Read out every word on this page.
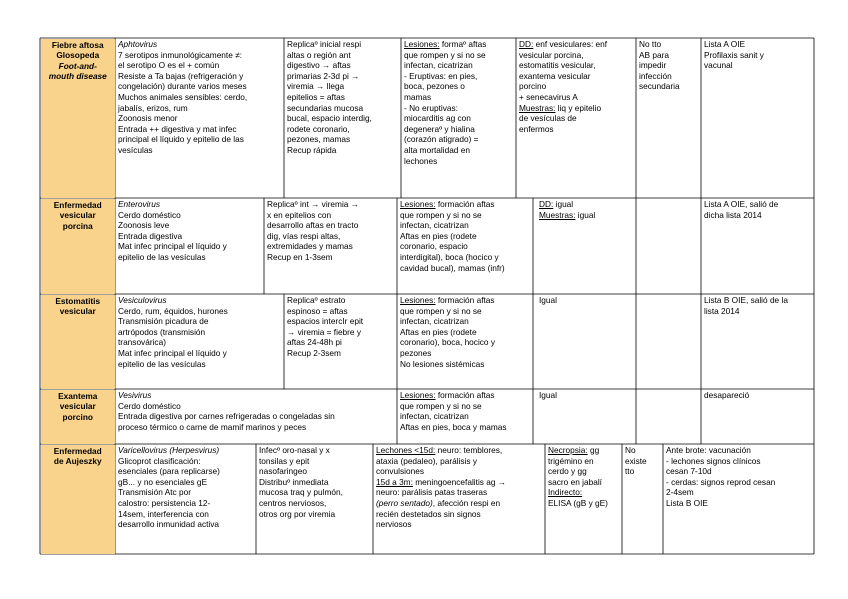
Fiebre aftosa
Glosopeda
Foot-and-
mouth disease
Aphtovirus
7 serotipos inmunológicamente ≠:
el serotipo O es el + común
Resiste a Ta bajas (refrigeración y
congelación) durante varios meses
Muchos animales sensibles: cerdo,
jabalís, erizos, rum
Zoonosis menor
Entrada ++ digestiva y mat infec
principal el líquido y epitelio de las
vesículas
Replicaº inicial respi
altas o región ant
digestivo → aftas
primarias 2-3d pi →
viremia → llega
epitelios = aftas
secundarias mucosa
bucal, espacio interdig,
rodete coronario,
pezones, mamas
Recup rápida
Lesiones: formaº aftas
que rompen y si no se
infectan, cicatrizan
- Eruptivas: en pies,
boca, pezones o
mamas
- No eruptivas:
miocarditis ag con
degeneraº y hialina
(corazón atigrado) =
alta mortalidad en
lechones
DD: enf vesiculares: enf
vesicular porcina,
estomatitis vesicular,
exantema vesicular
porcino
+ senecavirus A
Muestras: liq y epitelio
de vesículas de
enfermos
No tto
AB para
impedir
infección
secundaria
Lista A OIE
Profilaxis sanit y
vacunal
Enfermedad
vesicular
porcina
Enterovirus
Cerdo doméstico
Zoonosis leve
Entrada digestiva
Mat infec principal el líquido y
epitelio de las vesículas
Replicaº int → viremia →
x en epitelios con
desarrollo aftas en tracto
dig, vías respi altas,
extremidades y mamas
Recup en 1-3sem
Lesiones: formación aftas
que rompen y si no se
infectan, cicatrizan
Aftas en pies (rodete
coronario, espacio
interdigital), boca (hocico y
cavidad bucal), mamas (infr)
DD: igual
Muestras: igual
Lista A OIE, salió de
dicha lista 2014
Estomatitis
vesicular
Vesiculovirus
Cerdo, rum, équidos, hurones
Transmisión picadura de
artrópodos (transmisión
transovárica)
Mat infec principal el líquido y
epitelio de las vesículas
Replicaº estrato
espinoso = aftas
espacios intercIr epit
→ viremia = fiebre y
aftas 24-48h pi
Recup 2-3sem
Lesiones: formación aftas
que rompen y si no se
infectan, cicatrizan
Aftas en pies (rodete
coronario), boca, hocico y
pezones
No lesiones sistémicas
Igual	Lista B OIE, salió de la
lista 2014
Exantema
vesicular
porcino
Vesivirus
Cerdo doméstico
Entrada digestiva por carnes refrigeradas o congeladas sin
proceso térmico o carne de mamif marinos y peces
Lesiones: formación aftas
que rompen y si no se
infectan, cicatrizan
Aftas en pies, boca y mamas
Igual	desapareció
Enfermedad
de Aujeszky
Varicellovirus (Herpesvirus)
Glicoprot clasificación:
esenciales (para replicarse)
gB... y no esenciales gE
Transmisión Atc por
calostro: persistencia 12-
14sem, interferencia con
desarrollo inmunidad activa
Infecº oro-nasal y x
tonsilas y epit
nasofaringeo
Distribuº inmediata
mucosa traq y pulmón,
centros nerviosos,
otros org por viremia
Lechones <15d: neuro: temblores,
ataxia (pedaleo), parálisis y
convulsiones
15d a 3m: meningoencefalitis ag →
neuro: parálisis patas traseras
(perro sentado), afección respi en
recién destetados sin signos
nerviosos
Necropsia: gg
trigémino en
cerdo y gg
sacro en jabalí
Indirecto:
ELISA (gB y gE)
No
existe
tto
Ante brote: vacunación
- lechones signos clínicos
cesan 7-10d
- cerdas: signos reprod cesan
2-4sem
Lista B OIE
